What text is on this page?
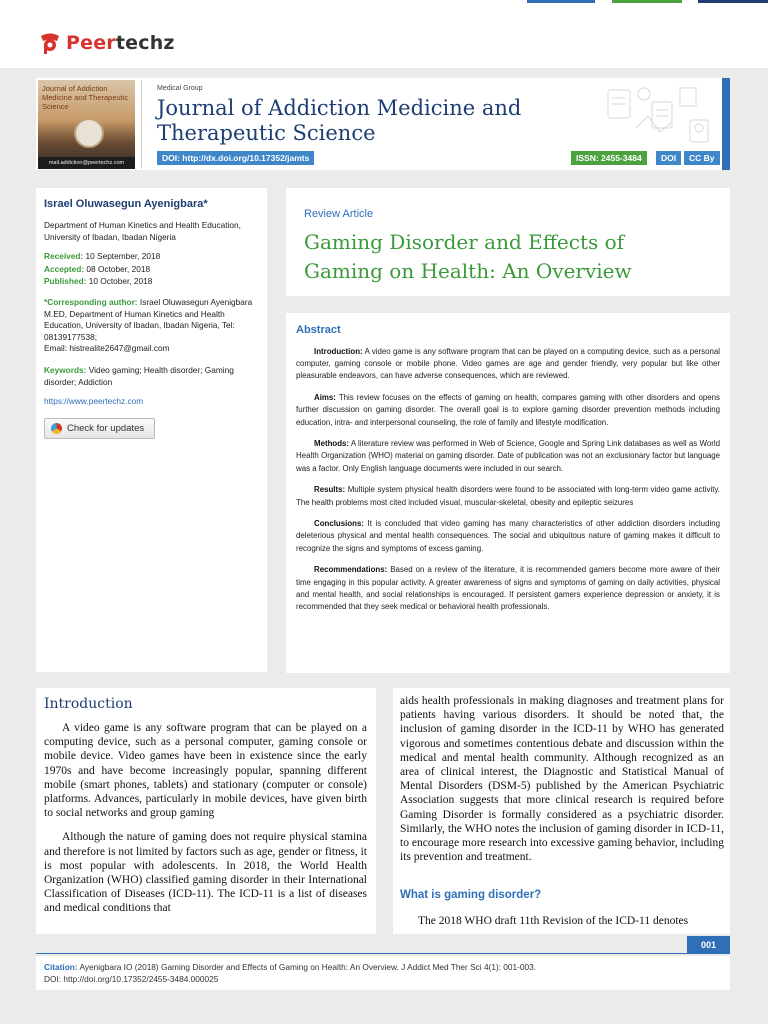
Peertechz
Journal of Addiction Medicine and Therapeutic Science
mail.addiction@peertechz.com
Medical Group
Journal of Addiction Medicine and Therapeutic Science
DOI: http://dx.doi.org/10.17352/jamts	ISSN: 2455-3484	DOI	CC By
Israel Oluwasegun Ayenigbara*
Department of Human Kinetics and Health Education, University of Ibadan, Ibadan Nigeria
Received: 10 September, 2018
Accepted: 08 October, 2018
Published: 10 October, 2018
*Corresponding author: Israel Oluwasegun Ayenigbara M.ED, Department of Human Kinetics and Health Education, University of Ibadan, Ibadan Nigeria, Tel: 08139177538;
Email: histrealite2647@gmail.com
Keywords: Video gaming; Health disorder; Gaming disorder; Addiction
https://www.peertechz.com
Check for updates
Review Article
Gaming Disorder and Effects of Gaming on Health: An Overview
Abstract

Introduction: A video game is any software program that can be played on a computing device, such as a personal computer, gaming console or mobile phone. Video games are age and gender friendly, very popular but like other pleasurable endeavors, can have adverse consequences, which are reviewed.

Aims: This review focuses on the effects of gaming on health, compares gaming with other disorders and opens further discussion on gaming disorder. The overall goal is to explore gaming disorder prevention methods including education, intra- and interpersonal counseling, the role of family and lifestyle modification.

Methods: A literature review was performed in Web of Science, Google and Spring Link databases as well as World Health Organization (WHO) material on gaming disorder. Date of publication was not an exclusionary factor but language was a factor. Only English language documents were included in our search.

Results: Multiple system physical health disorders were found to be associated with long-term video game activity. The health problems most cited included visual, muscular-skeletal, obesity and epileptic seizures

Conclusions: It is concluded that video gaming has many characteristics of other addiction disorders including deleterious physical and mental health consequences. The social and ubiquitous nature of gaming makes it difficult to recognize the signs and symptoms of excess gaming.

Recommendations: Based on a review of the literature, it is recommended gamers become more aware of their time engaging in this popular activity. A greater awareness of signs and symptoms of gaming on daily activities, physical and mental health, and social relationships is encouraged. If persistent gamers experience depression or anxiety, it is recommended that they seek medical or behavioral health professionals.

Introduction

A video game is any software program that can be played on a computing device, such as a personal computer, gaming console or mobile device. Video games have been in existence since the early 1970s and have become increasingly popular, spanning different mobile (smart phones, tablets) and stationary (computer or console) platforms. Advances, particularly in mobile devices, have given birth to social networks and group gaming

Although the nature of gaming does not require physical stamina and therefore is not limited by factors such as age, gender or fitness, it is most popular with adolescents. In 2018, the World Health Organization (WHO) classified gaming disorder in their International Classification of Diseases (ICD-11). The ICD-11 is a list of diseases and medical conditions that

aids health professionals in making diagnoses and treatment plans for patients having various disorders. It should be noted that, the inclusion of gaming disorder in the ICD-11 by WHO has generated vigorous and sometimes contentious debate and discussion within the medical and mental health community. Although recognized as an area of clinical interest, the Diagnostic and Statistical Manual of Mental Disorders (DSM-5) published by the American Psychiatric Association suggests that more clinical research is required before Gaming Disorder is formally considered as a psychiatric disorder. Similarly, the WHO notes the inclusion of gaming disorder in ICD-11, to encourage more research into excessive gaming behavior, including its prevention and treatment.

What is gaming disorder?
The 2018 WHO draft 11th Revision of the ICD-11 denotes
001
Citation: Ayenigbara IO (2018) Gaming Disorder and Effects of Gaming on Health: An Overview. J Addict Med Ther Sci 4(1): 001-003.
DOI: http://doi.org/10.17352/2455-3484.000025
